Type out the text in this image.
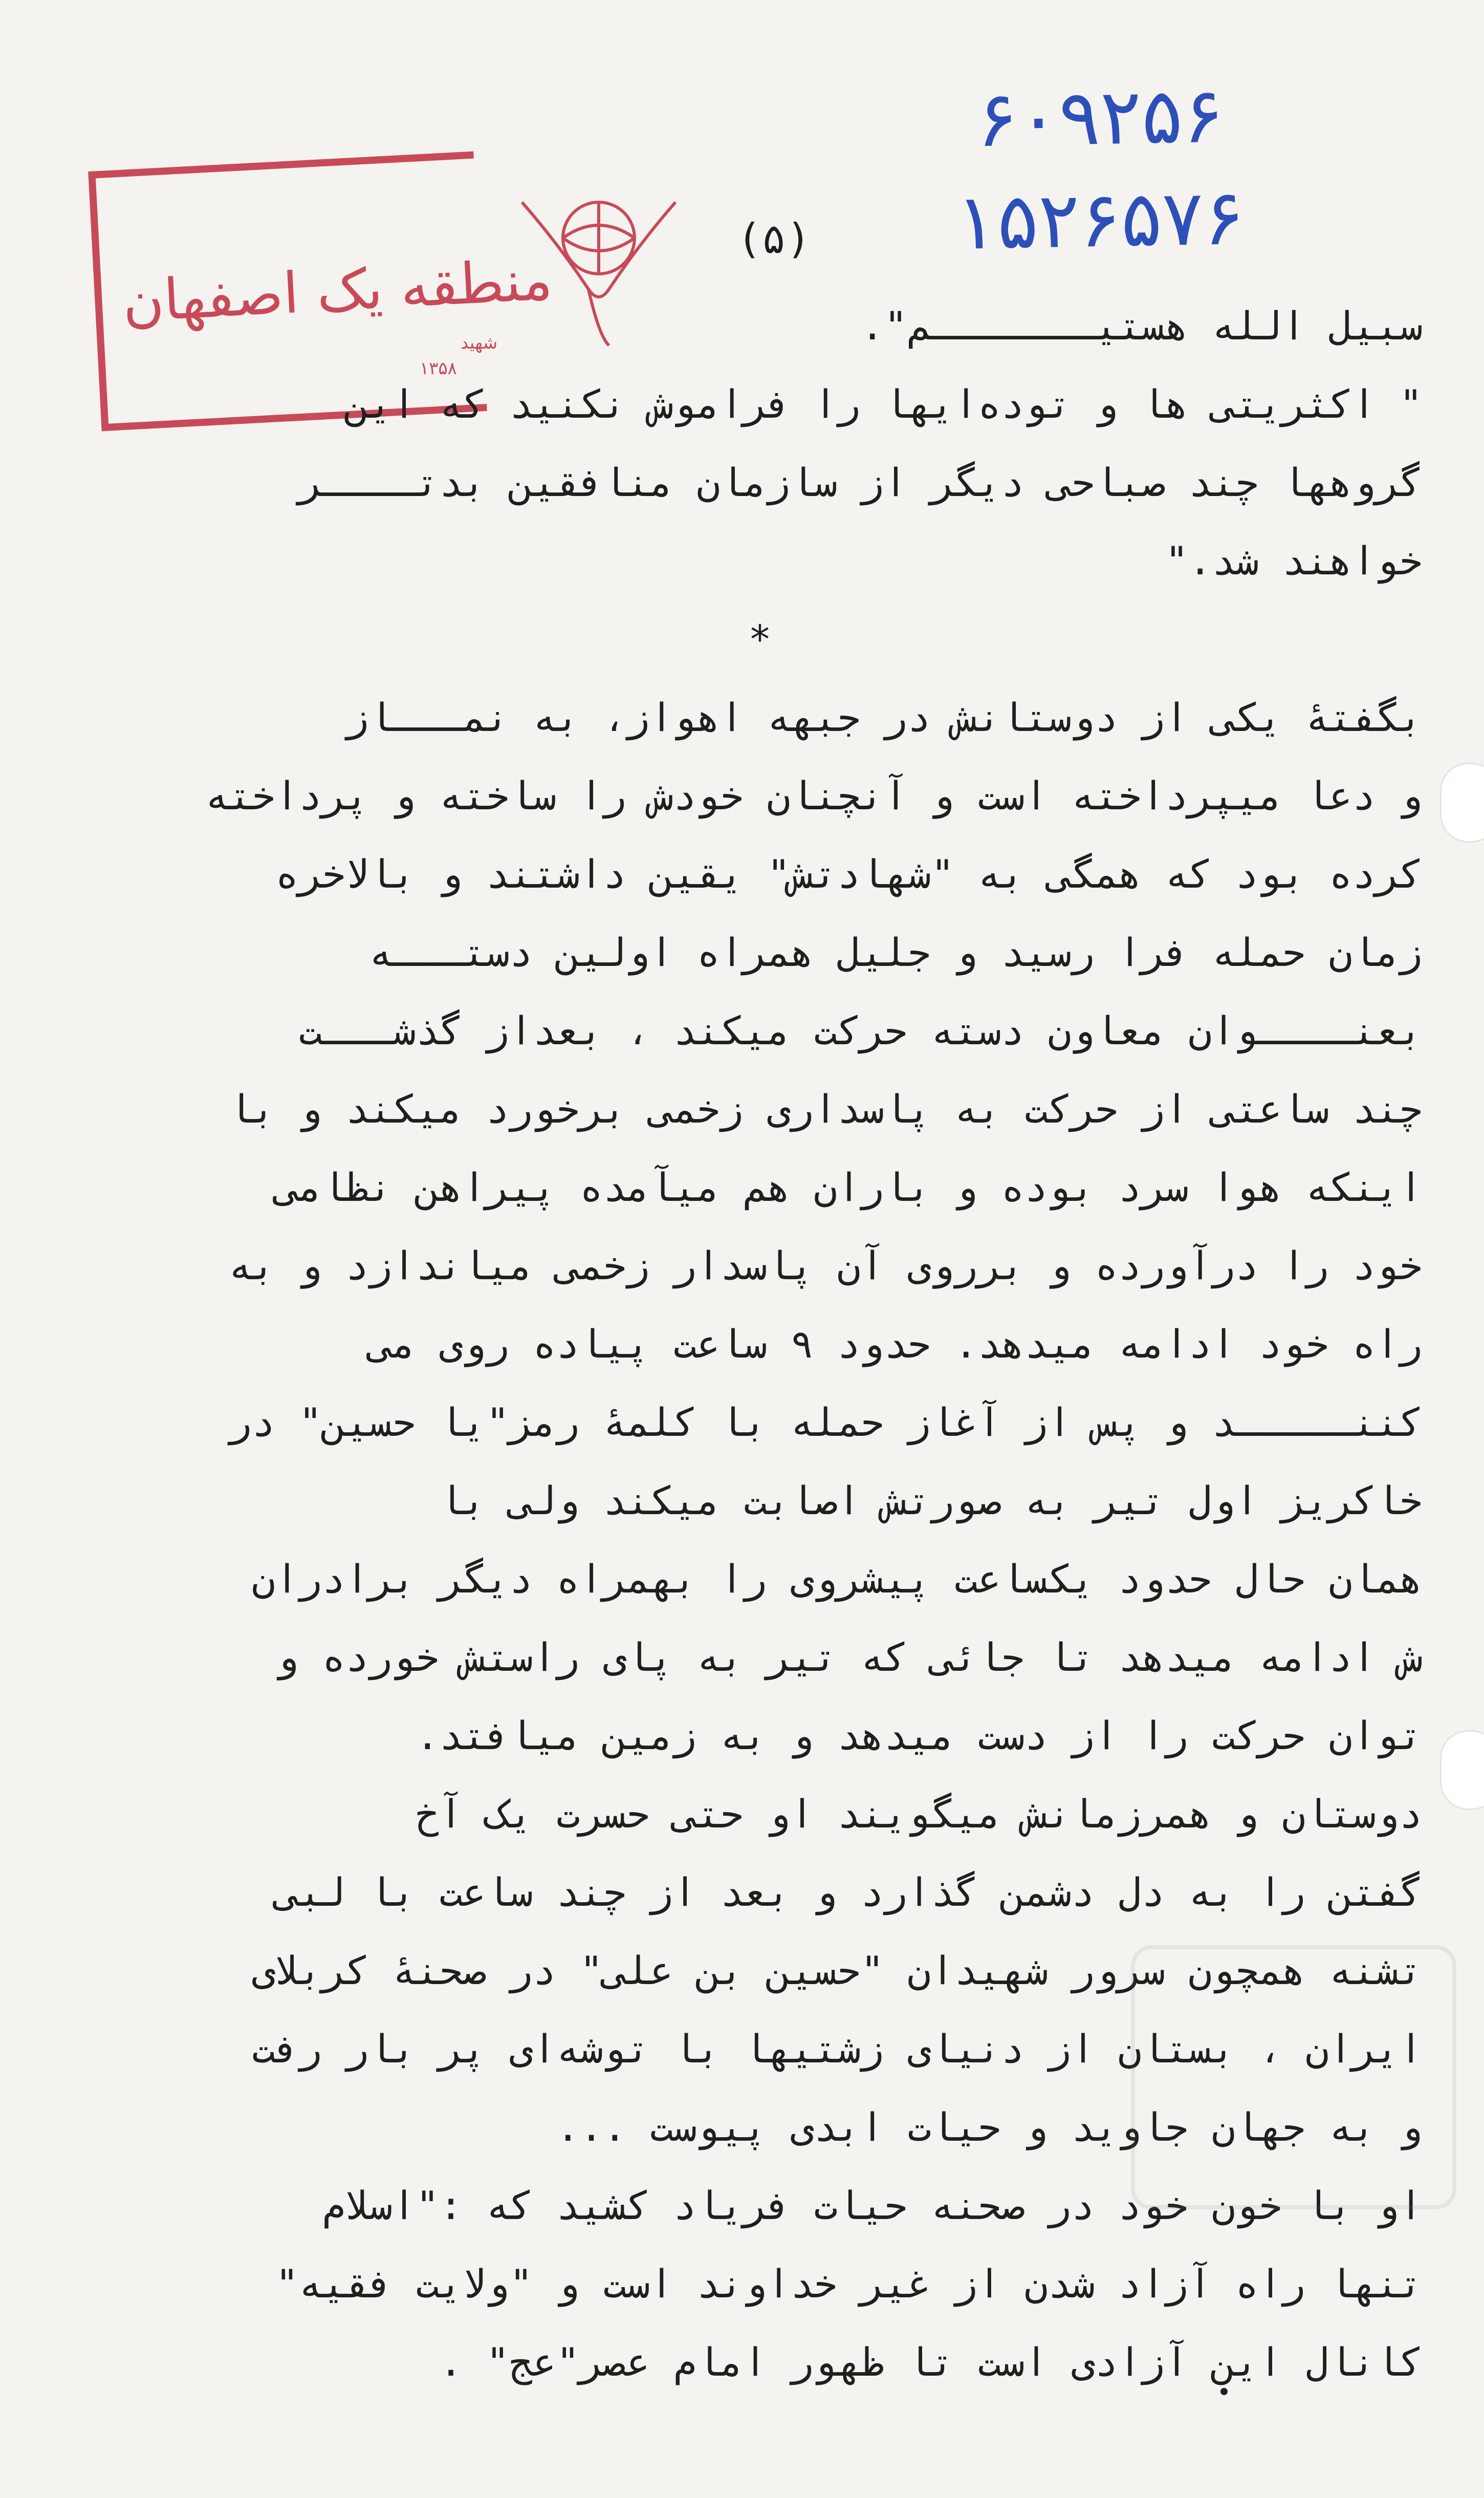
۶۰۹۲۵۶
۱۵۲۶۵۷۶
منطقه یک اصفهان
شهید
۱۳۵۸
(۵)

سبیل الله هستیـــــــم".

" اکثریتی ها و توده‌ایها را فراموش نکنید که این

گروهها چند صباحی دیگر از سازمان منافقین بدتــــر

خواهند شد."

*

بگفتهٔ یکی از دوستانش در جبهه اهواز، به نمـــاز

و دعا میپرداخته است و آنچنان خودش را ساخته و پرداخته

کرده بود که همگی به "شهادتش" یقین داشتند و بالاخره

زمان حمله فرا رسید و جلیل همراه اولین دستـــه

بعنــــوان معاون دسته حرکت میکند ، بعداز گذشـــت

چند ساعتی از حرکت به پاسداری زخمی برخورد میکند و با

اینکه هوا سرد بوده و باران هم میآمده پیراهن نظامی

خود را درآورده و برروی آن پاسدار زخمی میاندازد و به

راه خود ادامه میدهد. حدود ۹ ساعت پیاده روی می

کننـــــد و پس از آغاز حمله با کلمهٔ رمز"یا حسین" در

خاکریز اول تیر به صورتش اصابت میکند ولی با

همان حال حدود یکساعت پیشروی را بهمراه دیگر برادران

ش ادامه میدهد تا جائی که تیر به پای راستش خورده و

توان حرکت را از دست میدهد و به زمین میافتد.

دوستان و همرزمانش میگویند او حتی حسرت یک آخ

گفتن را به دل دشمن گذارد و بعد از چند ساعت با لبی

تشنه همچون سرور شهیدان "حسین بن علی" در صحنهٔ کربلای

ایران ، بستان از دنیای زشتیها با توشه‌ای پر بار رفت

و به جهان جاوید و حیات ابدی پیوست ...

او با خون خود در صحنه حیات فریاد کشید که :"اسلام

تنها راه آزاد شدن از غیر خداوند است و "ولایت فقیه"

کانال این آزادی است تا ظهور امام عصر"عج" .
